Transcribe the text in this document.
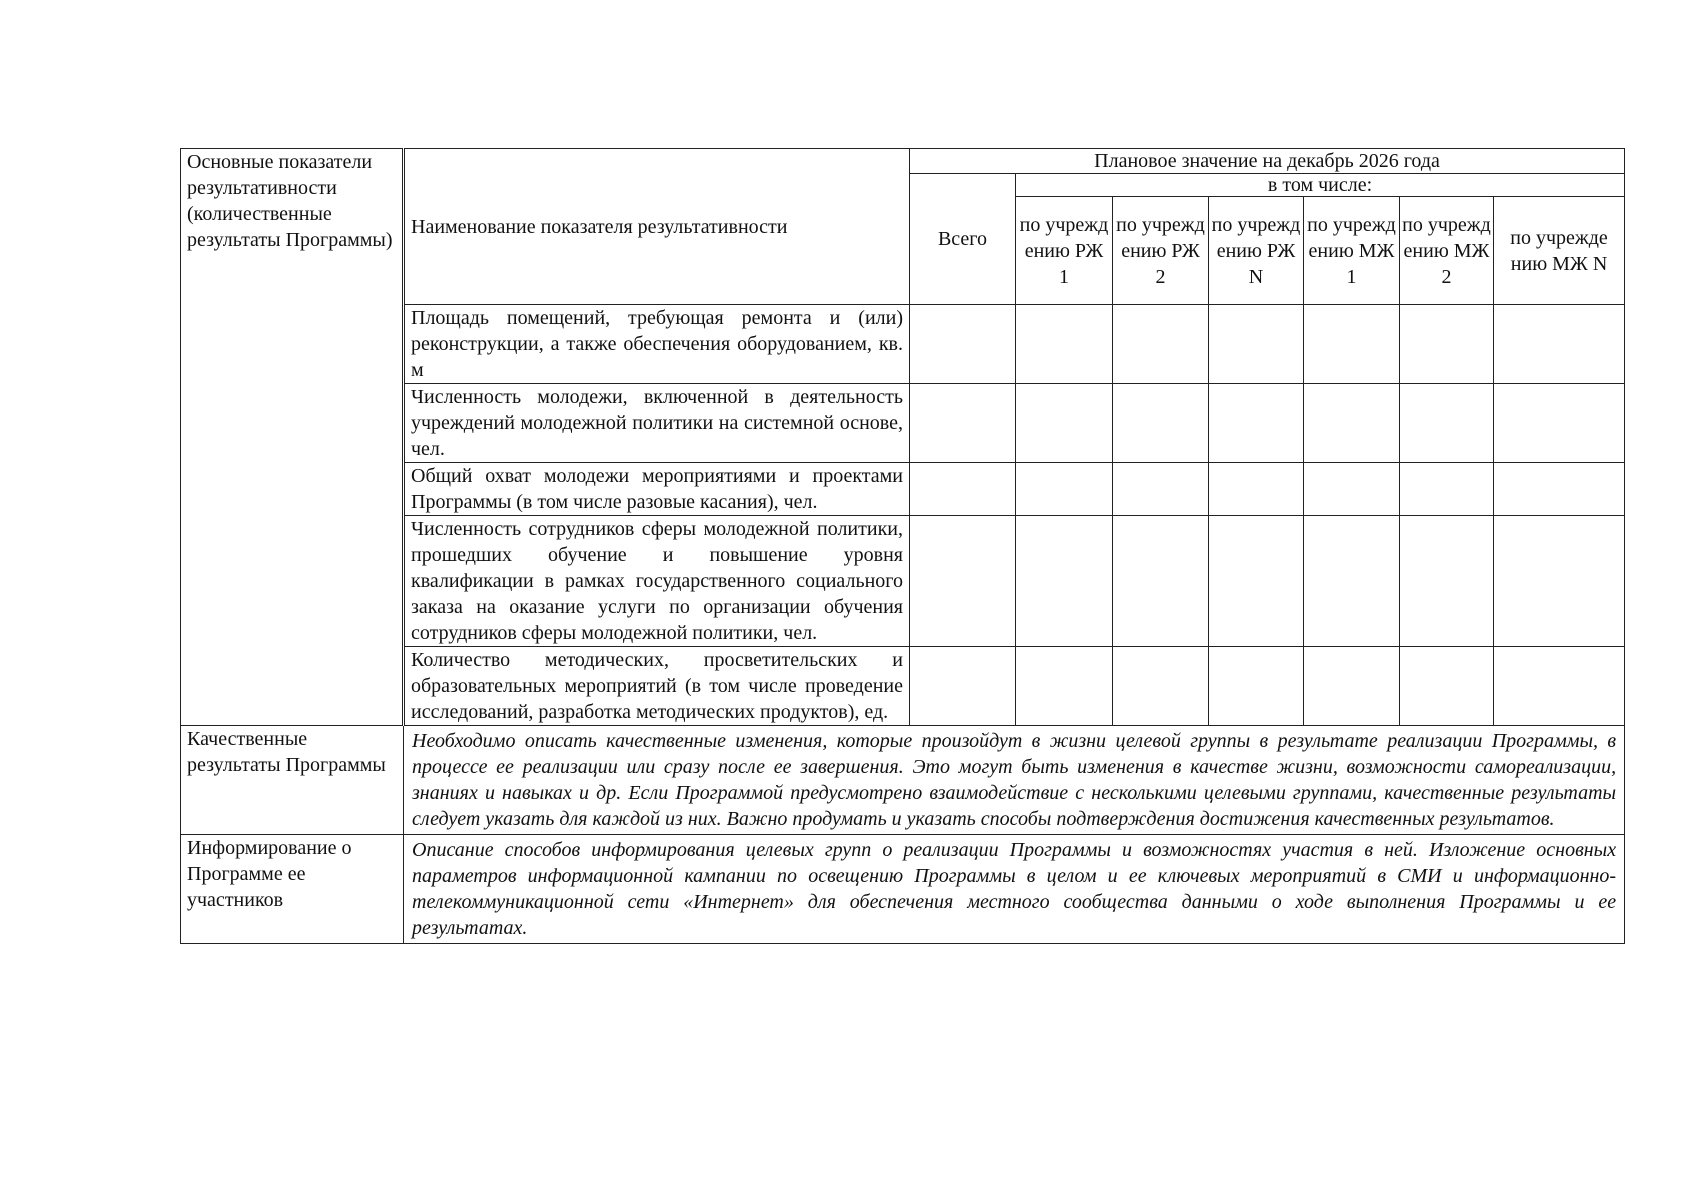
Основные показатели результативности (количественные результаты Программы)	Наименование показателя результативности	Плановое значение на декабрь 2026 года						
		Всего	в том числе:					
			по учрежд ению РЖ 1	по учрежд ению РЖ 2	по учрежд ению РЖ N	по учрежд ению МЖ 1	по учрежд ению МЖ 2	по учрежде нию МЖ N
	Площадь помещений, требующая ремонта и (или) реконструкции, а также обеспечения оборудованием, кв. м							
	Численность молодежи, включенной в деятельность учреждений молодежной политики на системной основе, чел.							
	Общий охват молодежи мероприятиями и проектами Программы (в том числе разовые касания), чел.							
	Численность сотрудников сферы молодежной политики, прошедших обучение и повышение уровня квалификации в рамках государственного социального заказа на оказание услуги по организации обучения сотрудников сферы молодежной политики, чел.							
	Количество методических, просветительских и образовательных мероприятий (в том числе проведение исследований, разработка методических продуктов), ед.							
Качественные результаты Программы	Необходимо описать качественные изменения, которые произойдут в жизни целевой группы в результате реализации Программы, в процессе ее реализации или сразу после ее завершения. Это могут быть изменения в качестве жизни, возможности самореализации, знаниях и навыках и др. Если Программой предусмотрено взаимодействие с несколькими целевыми группами, качественные результаты следует указать для каждой из них. Важно продумать и указать способы подтверждения достижения качественных результатов.							
Информирование о Программе ее участников	Описание способов информирования целевых групп о реализации Программы и возможностях участия в ней. Изложение основных параметров информационной кампании по освещению Программы в целом и ее ключевых мероприятий в СМИ и информационно-телекоммуникационной сети «Интернет» для обеспечения местного сообщества данными о ходе выполнения Программы и ее результатах.							
